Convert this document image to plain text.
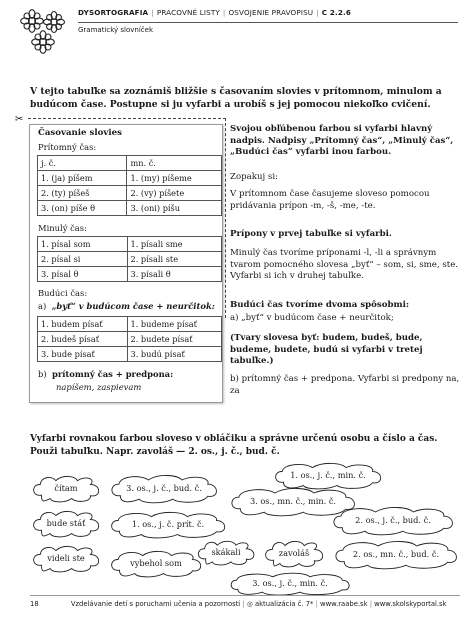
DYSORTOGRAFIA | PRACOVNÉ LISTY | OSVOJENIE PRAVOPISU | C 2.2.6
Gramatický slovníček
V tejto tabuľke sa zoznámiš bližšie s časovaním slovies v prítomnom, minulom a budúcom čase. Postupne si ju vyfarbi a urobíš s jej pomocou niekoľko cvičení.
✂
Časovanie slovies
Prítomný čas:
j. č.	mn. č.
1. (ja) píšem	1. (my) píšeme
2. (ty) píšeš	2. (vy) píšete
3. (on) píše θ	3. (oni) píšu
Minulý čas:
1. písal som	1. písali sme
2. písal si	2. písali ste
3. písal θ	3. písali θ
Budúci čas:
a) „byť“ v budúcom čase + neurčitok:
1. budem písať	1. budeme písať
2. budeš písať	2. budete písať
3. bude písať	3. budú písať
b) prítomný čas + predpona:
napíšem, zaspievam
Svojou obľúbenou farbou si vyfarbi hlavný nadpis. Nadpisy „Prítomný čas“, „Minulý čas“, „Budúci čas“ vyfarbi inou farbou.
Zopakuj si:
V prítomnom čase časujeme sloveso pomocou pridávania prípon -m, -š, -me, -te.
Prípony v prvej tabuľke si vyfarbi.
Minulý čas tvoríme príponami -l, -li a správnym tvarom pomocného slovesa „byť“ – som, si, sme, ste. Vyfarbi si ich v druhej tabuľke.
Budúci čas tvoríme dvoma spôsobmi:
a) „byť“ v budúcom čase + neurčitok;
(Tvary slovesa byť: budem, budeš, bude, budeme, budete, budú si vyfarbi v tretej tabuľke.)
b) prítomný čas + predpona. Vyfarbi si predpony na, za
Vyfarbi rovnakou farbou sloveso v obláčiku a správne určenú osobu a číslo a čas. Použi tabuľku. Napr. zavoláš — 2. os., j. č., bud. č.
1. os., j. č., min. č.
čítam	3. os., j. č., bud. č.
3. os., mn. č., min. č.
bude stáť	1. os., j. č. prít. č.	2. os., j. č., bud. č.
skákali	zavoláš	2. os., mn. č., bud. č.
videli ste	vybehol som
3. os., j. č., min. č.
18	Vzdelávanie detí s poruchami učenia a pozornosti | ◎ aktualizácia č. 7* | www.raabe.sk | www.skolskyportal.sk
